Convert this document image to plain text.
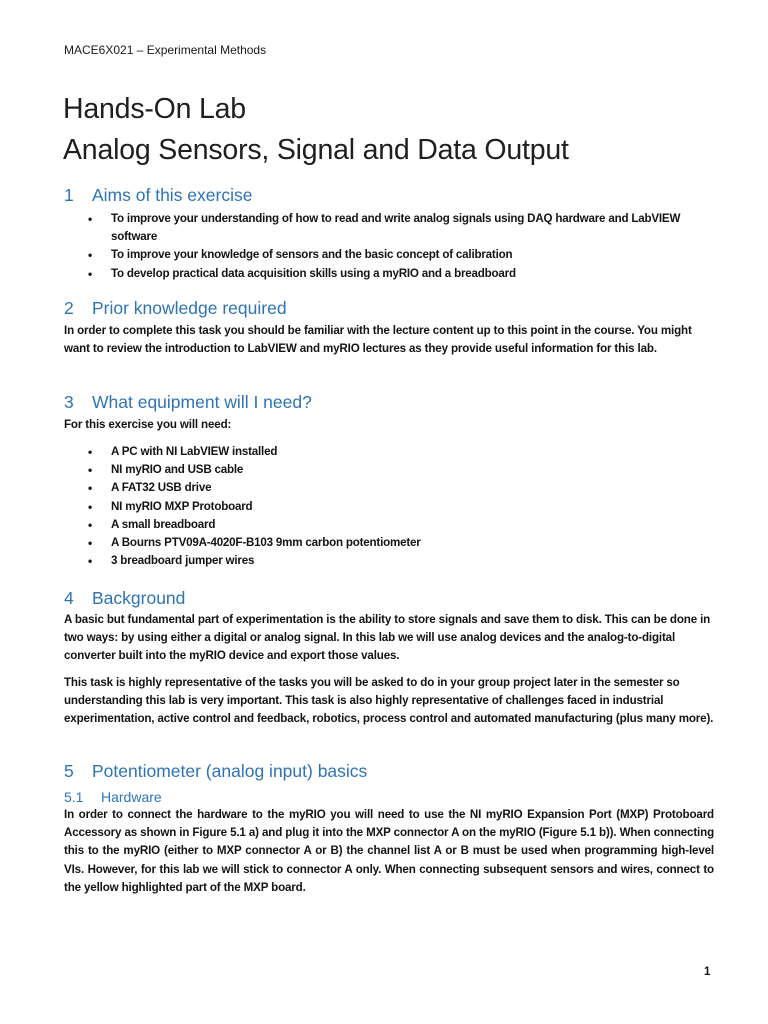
MACE6X021 – Experimental Methods
Hands-On Lab
Analog Sensors, Signal and Data Output
1 Aims of this exercise
• To improve your understanding of how to read and write analog signals using DAQ hardware and LabVIEW software
• To improve your knowledge of sensors and the basic concept of calibration
• To develop practical data acquisition skills using a myRIO and a breadboard
2 Prior knowledge required

In order to complete this task you should be familiar with the lecture content up to this point in the course. You might want to review the introduction to LabVIEW and myRIO lectures as they provide useful information for this lab.

3 What equipment will I need?

For this exercise you will need:

• A PC with NI LabVIEW installed
• NI myRIO and USB cable
• A FAT32 USB drive
• NI myRIO MXP Protoboard
• A small breadboard
• A Bourns PTV09A-4020F-B103 9mm carbon potentiometer
• 3 breadboard jumper wires
4 Background

A basic but fundamental part of experimentation is the ability to store signals and save them to disk. This can be done in two ways: by using either a digital or analog signal. In this lab we will use analog devices and the analog-to-digital converter built into the myRIO device and export those values.

This task is highly representative of the tasks you will be asked to do in your group project later in the semester so understanding this lab is very important. This task is also highly representative of challenges faced in industrial experimentation, active control and feedback, robotics, process control and automated manufacturing (plus many more).

5 Potentiometer (analog input) basics
5.1 Hardware

In order to connect the hardware to the myRIO you will need to use the NI myRIO Expansion Port (MXP) Protoboard Accessory as shown in Figure 5.1 a) and plug it into the MXP connector A on the myRIO (Figure 5.1 b)). When connecting this to the myRIO (either to MXP connector A or B) the channel list A or B must be used when programming high-level VIs. However, for this lab we will stick to connector A only. When connecting subsequent sensors and wires, connect to the yellow highlighted part of the MXP board.

1
